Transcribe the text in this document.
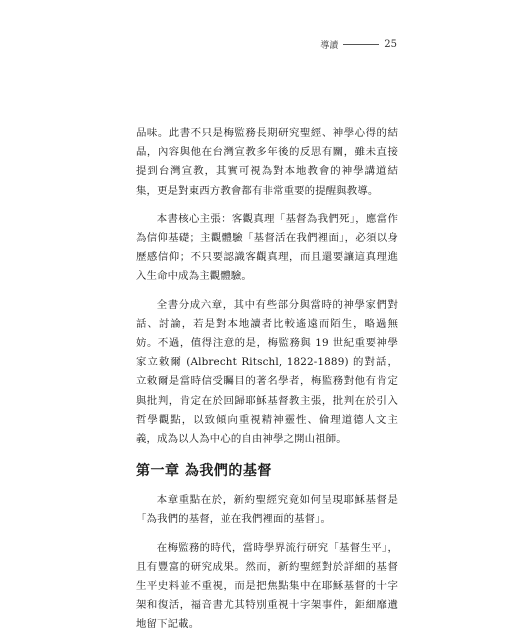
導讀	25

品味。此書不只是梅監務長期研究聖經、神學心得的結晶，內容與他在台灣宣教多年後的反思有關，雖未直接提到台灣宣教，其實可視為對本地教會的神學講道結集，更是對東西方教會都有非常重要的提醒與教導。

本書核心主張：客觀真理「基督為我們死」，應當作為信仰基礎；主觀體驗「基督活在我們裡面」，必須以身歷感信仰；不只要認識客觀真理，而且還要讓這真理進入生命中成為主觀體驗。

全書分成六章，其中有些部分與當時的神學家們對話、討論，若是對本地讀者比較遙遠而陌生，略過無妨。不過，值得注意的是，梅監務與 19 世紀重要神學家立敕爾 (Albrecht Ritschl, 1822-1889) 的對話，立敕爾是當時信受矚目的著名學者，梅監務對他有肯定與批判，肯定在於回歸耶穌基督教主張，批判在於引入哲學觀點，以致傾向重視精神靈性、倫理道德人文主義，成為以人為中心的自由神學之開山祖師。

第一章 為我們的基督

本章重點在於，新約聖經究竟如何呈現耶穌基督是「為我們的基督，並在我們裡面的基督」。

在梅監務的時代，當時學界流行研究「基督生平」，且有豐富的研究成果。然而，新約聖經對於詳細的基督生平史料並不重視，而是把焦點集中在耶穌基督的十字架和復活，福音書尤其特別重視十字架事件，鉅細靡遺地留下記載。
